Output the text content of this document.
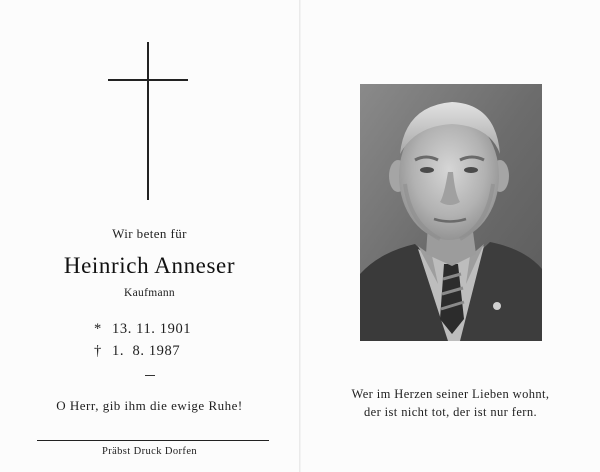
Wir beten für
Heinrich Anneser
Kaufmann
* 13. 11. 1901
† 1.  8. 1987
O Herr, gib ihm die ewige Ruhe!
Präbst Druck Dorfen
Wer im Herzen seiner Lieben wohnt,
der ist nicht tot, der ist nur fern.
